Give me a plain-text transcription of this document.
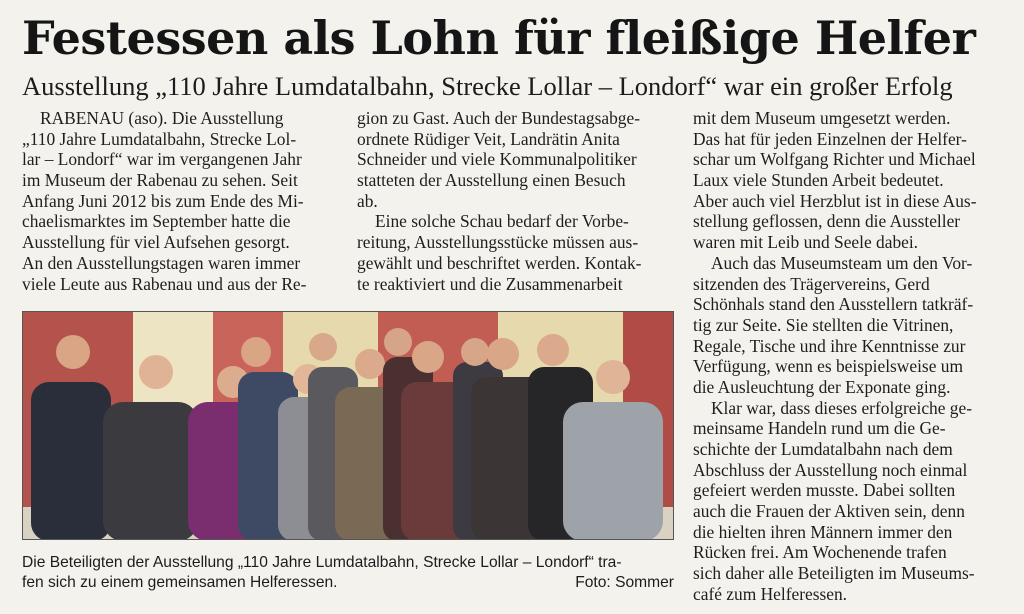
Festessen als Lohn für fleißige Helfer
Ausstellung „110 Jahre Lumdatalbahn, Strecke Lollar – Londorf“ war ein großer Erfolg
RABENAU (aso). Die Ausstellung
„110 Jahre Lumdatalbahn, Strecke Lol-
lar – Londorf“ war im vergangenen Jahr
im Museum der Rabenau zu sehen. Seit
Anfang Juni 2012 bis zum Ende des Mi-
chaelismarktes im September hatte die
Ausstellung für viel Aufsehen gesorgt.
An den Ausstellungstagen waren immer
viele Leute aus Rabenau und aus der Re-
gion zu Gast. Auch der Bundestagsabge-
ordnete Rüdiger Veit, Landrätin Anita
Schneider und viele Kommunalpolitiker
statteten der Ausstellung einen Besuch
ab.
Eine solche Schau bedarf der Vorbe-
reitung, Ausstellungsstücke müssen aus-
gewählt und beschriftet werden. Kontak-
te reaktiviert und die Zusammenarbeit
mit dem Museum umgesetzt werden.
Das hat für jeden Einzelnen der Helfer-
schar um Wolfgang Richter und Michael
Laux viele Stunden Arbeit bedeutet.
Aber auch viel Herzblut ist in diese Aus-
stellung geflossen, denn die Aussteller
waren mit Leib und Seele dabei.
Auch das Museumsteam um den Vor-
sitzenden des Trägervereins, Gerd
Schönhals stand den Ausstellern tatkräf-
tig zur Seite. Sie stellten die Vitrinen,
Regale, Tische und ihre Kenntnisse zur
Verfügung, wenn es beispielsweise um
die Ausleuchtung der Exponate ging.
Klar war, dass dieses erfolgreiche ge-
meinsame Handeln rund um die Ge-
schichte der Lumdatalbahn nach dem
Abschluss der Ausstellung noch einmal
gefeiert werden musste. Dabei sollten
auch die Frauen der Aktiven sein, denn
die hielten ihren Männern immer den
Rücken frei. Am Wochenende trafen
sich daher alle Beteiligten im Museums-
café zum Helferessen.
Die Beteiligten der Ausstellung „110 Jahre Lumdatalbahn, Strecke Lollar – Londorf“ tra-
fen sich zu einem gemeinsamen Helferessen.	Foto: Sommer
